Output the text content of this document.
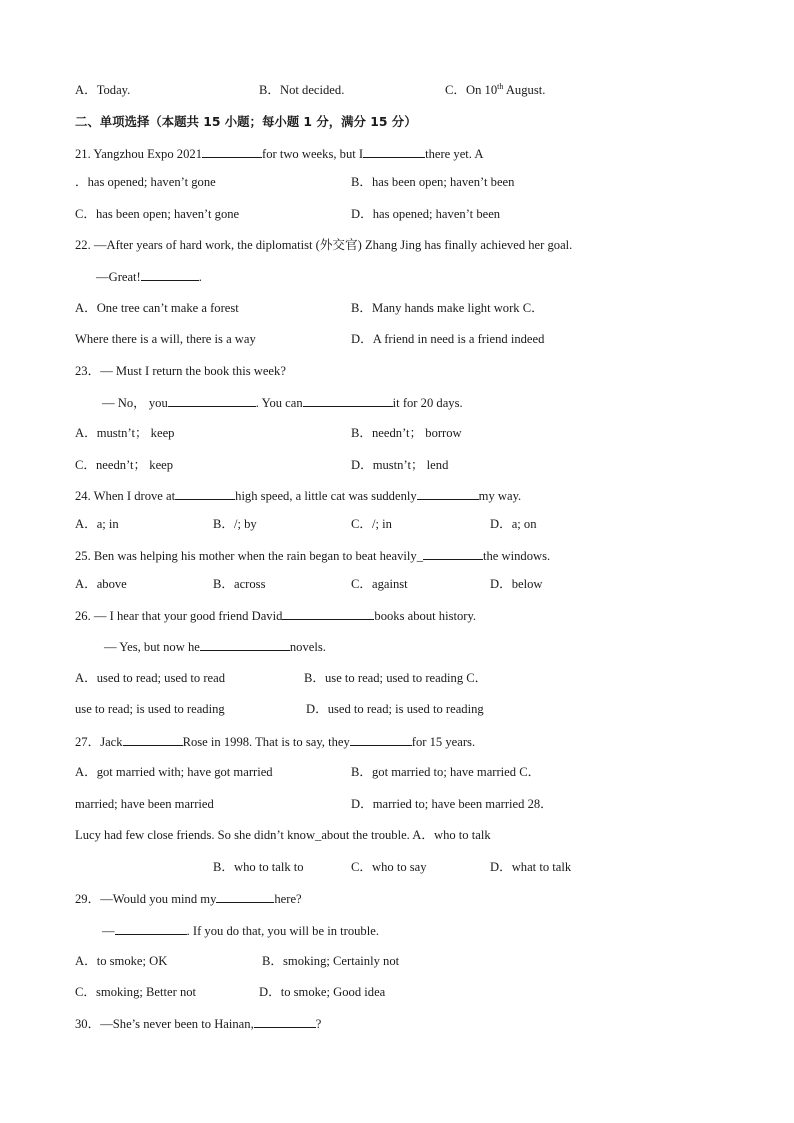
A．Today.	B．Not decided.	C．On 10th August.
二、单项选择（本题共 15 小题；每小题 1 分，满分 15 分）
21. Yangzhou Expo 2021	for two weeks, but I	there yet. A
．has opened; haven’t gone	B．has been open; haven’t been
C．has been open; haven’t gone	D．has opened; haven’t been
22. —After years of hard work, the diplomatist (外交官) Zhang Jing has finally achieved her goal.
—Great!	.
A．One tree can’t make a forest	B．Many hands make light work C．
Where there is a will, there is a way	D．A friend in need is a friend indeed
23．— Must I return the book this week?
— No， you	. You can	it for 20 days.
A．mustn’t； keep	B．needn’t； borrow
C．needn’t； keep	D．mustn’t； lend
24. When I drove at	high speed, a little cat was suddenly	my way.
A．a; in	B．/; by	C．/; in	D．a; on
25. Ben was helping his mother when the rain began to beat heavily_	the windows.
A．above	B．across	C．against	D．below
26. — I hear that your good friend David	books about history.
— Yes, but now he	novels.
A．used to read; used to read	B．use to read; used to reading C．
use to read; is used to reading	D．used to read; is used to reading
27．Jack	Rose in 1998. That is to say, they	for 15 years.
A．got married with; have got married	B．got married to; have married C．
married; have been married	D．married to; have been married 28．
Lucy had few close friends. So she didn’t know_about the trouble. A．who to talk
B．who to talk to	C．who to say	D．what to talk
29．—Would you mind my	here?
—	. If you do that, you will be in trouble.
A．to smoke; OK	B．smoking; Certainly not
C．smoking; Better not	D．to smoke; Good idea
30．—She’s never been to Hainan,	?
